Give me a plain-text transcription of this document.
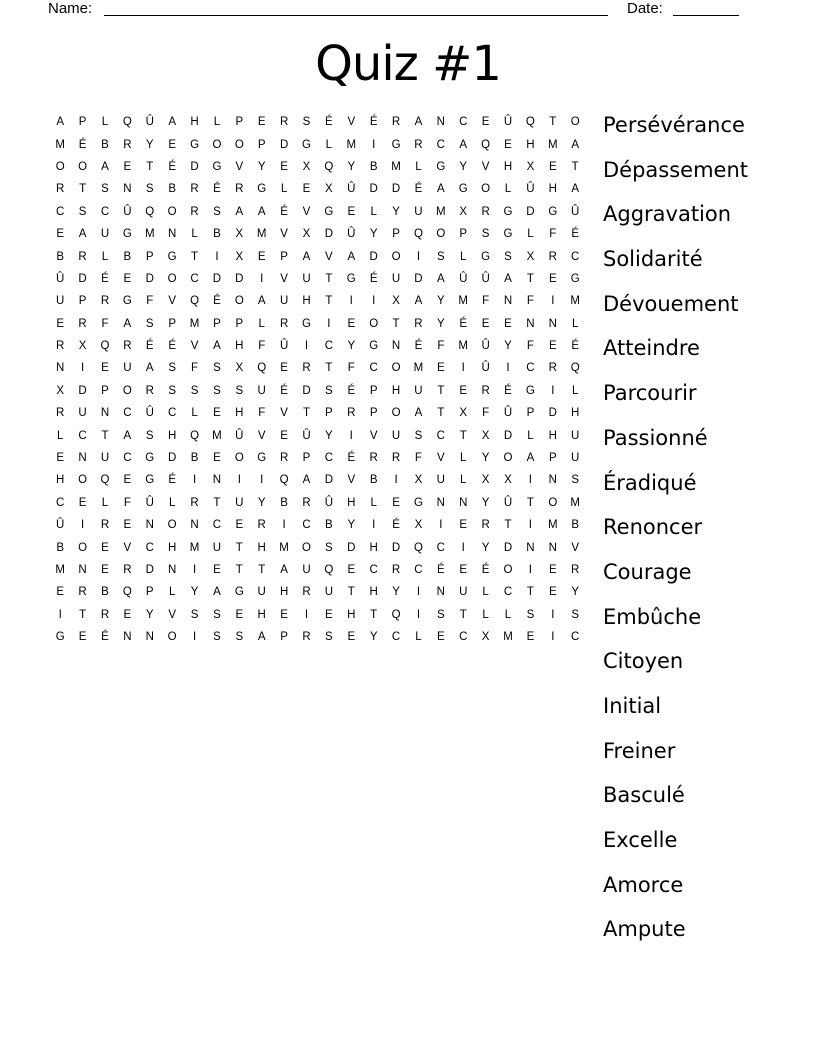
Name:	Date:
Quiz #1
A	P	L	Q	Û	A	H	L	P	E	R	S	É	V	É	R	A	N	C	E	Û	Q	T	O
M	É	B	R	Y	E	G	O	O	P	D	G	L	M	I	G	R	C	A	Q	E	H	M	A
O	O	A	E	T	É	D	G	V	Y	E	X	Q	Y	B	M	L	G	Y	V	H	X	E	T
R	T	S	N	S	B	R	É	R	G	L	E	X	Û	D	D	É	A	G	O	L	Û	H	A
C	S	C	Û	Q	O	R	S	A	A	É	V	G	E	L	Y	U	M	X	R	G	D	G	Û
E	A	U	G	M	N	L	B	X	M	V	X	D	Û	Y	P	Q	O	P	S	G	L	F	É
B	R	L	B	P	G	T	I	X	E	P	A	V	A	D	O	I	S	L	G	S	X	R	C
Û	D	É	E	D	O	C	D	D	I	V	U	T	G	É	U	D	A	Û	Û	A	T	E	G
U	P	R	G	F	V	Q	É	O	A	U	H	T	I	I	X	A	Y	M	F	N	F	I	M
E	R	F	A	S	P	M	P	P	L	R	G	I	E	O	T	R	Y	É	E	E	N	N	L
R	X	Q	R	É	É	V	A	H	F	Û	I	C	Y	G	N	É	F	M	Û	Y	F	E	É
N	I	E	U	A	S	F	S	X	Q	E	R	T	F	C	O	M	E	I	Û	I	C	R	Q
X	D	P	O	R	S	S	S	S	U	É	D	S	É	P	H	U	T	E	R	É	G	I	L
R	U	N	C	Û	C	L	E	H	F	V	T	P	R	P	O	A	T	X	F	Û	P	D	H
L	C	T	A	S	H	Q	M	Û	V	E	Û	Y	I	V	U	S	C	T	X	D	L	H	U
E	N	U	C	G	D	B	E	O	G	R	P	C	É	R	R	F	V	L	Y	O	A	P	U
H	O	Q	E	G	É	I	N	I	I	Q	A	D	V	B	I	X	U	L	X	X	I	N	S
C	E	L	F	Û	L	R	T	U	Y	B	R	Û	H	L	E	G	N	N	Y	Û	T	O	M
Û	I	R	E	N	O	N	C	E	R	I	C	B	Y	I	É	X	I	E	R	T	I	M	B
B	O	E	V	C	H	M	U	T	H	M	O	S	D	H	D	Q	C	I	Y	D	N	N	V
M	N	E	R	D	N	I	E	T	T	A	U	Q	E	C	R	C	É	E	É	O	I	E	R
E	R	B	Q	P	L	Y	A	G	U	H	R	U	T	H	Y	I	N	U	L	C	T	E	Y
I	T	R	E	Y	V	S	S	E	H	E	I	E	H	T	Q	I	S	T	L	L	S	I	S
G	E	É	N	N	O	I	S	S	A	P	R	S	E	Y	C	L	E	C	X	M	E	I	C
Persévérance
Dépassement
Aggravation
Solidarité
Dévouement
Atteindre
Parcourir
Passionné
Éradiqué
Renoncer
Courage
Embûche
Citoyen
Initial
Freiner
Basculé
Excelle
Amorce
Ampute
